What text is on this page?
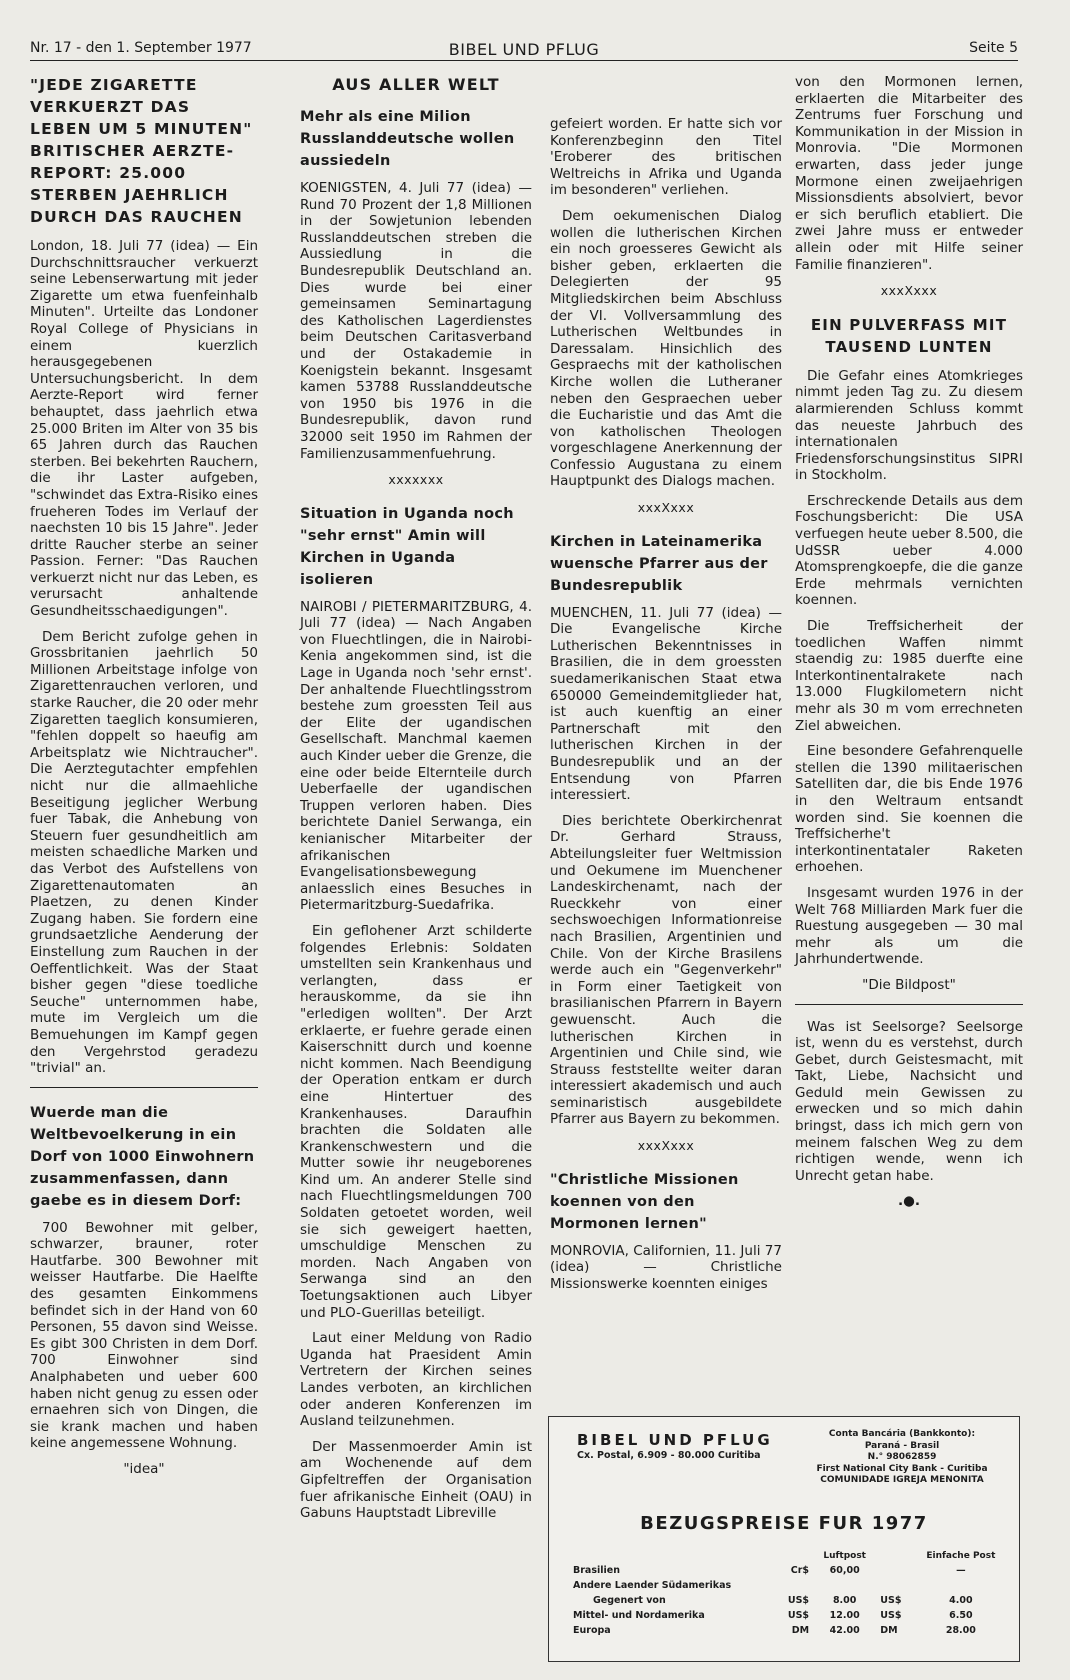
Nr. 17 - den 1. September 1977	BIBEL UND PFLUG	Seite 5
"JEDE ZIGARETTE VERKUERZT DAS LEBEN UM 5 MINUTEN" BRITISCHER AERZTE-REPORT: 25.000 STERBEN JAEHRLICH DURCH DAS RAUCHEN

London, 18. Juli 77 (idea) — Ein Durchschnittsraucher verkuerzt seine Lebenserwartung mit jeder Zigarette um etwa fuenfeinhalb Minuten". Urteilte das Londoner Royal College of Physicians in einem kuerzlich herausgegebenen Untersuchungsbericht. In dem Aerzte-Report wird ferner behauptet, dass jaehrlich etwa 25.000 Briten im Alter von 35 bis 65 Jahren durch das Rauchen sterben. Bei bekehrten Rauchern, die ihr Laster aufgeben, "schwindet das Extra-Risiko eines frueheren Todes im Verlauf der naechsten 10 bis 15 Jahre". Jeder dritte Raucher sterbe an seiner Passion. Ferner: "Das Rauchen verkuerzt nicht nur das Leben, es verursacht anhaltende Gesundheitsschaedigungen".

Dem Bericht zufolge gehen in Grossbritanien jaehrlich 50 Millionen Arbeitstage infolge von Zigarettenrauchen verloren, und starke Raucher, die 20 oder mehr Zigaretten taeglich konsumieren, "fehlen doppelt so haeufig am Arbeitsplatz wie Nichtraucher". Die Aerztegutachter empfehlen nicht nur die allmaehliche Beseitigung jeglicher Werbung fuer Tabak, die Anhebung von Steuern fuer gesundheitlich am meisten schaedliche Marken und das Verbot des Aufstellens von Zigarettenautomaten an Plaetzen, zu denen Kinder Zugang haben. Sie fordern eine grundsaetzliche Aenderung der Einstellung zum Rauchen in der Oeffentlichkeit. Was der Staat bisher gegen "diese toedliche Seuche" unternommen habe, mute im Vergleich um die Bemuehungen im Kampf gegen den Vergehrstod geradezu "trivial" an.

Wuerde man die Weltbevoelkerung in ein Dorf von 1000 Einwohnern zusammenfassen, dann gaebe es in diesem Dorf:

700 Bewohner mit gelber, schwarzer, brauner, roter Hautfarbe. 300 Bewohner mit weisser Hautfarbe. Die Haelfte des gesamten Einkommens befindet sich in der Hand von 60 Personen, 55 davon sind Weisse. Es gibt 300 Christen in dem Dorf. 700 Einwohner sind Analphabeten und ueber 600 haben nicht genug zu essen oder ernaehren sich von Dingen, die sie krank machen und haben keine angemessene Wohnung.

"idea"
AUS ALLER WELT
Mehr als eine Milion Russlanddeutsche wollen aussiedeln

KOENIGSTEN, 4. Juli 77 (idea) — Rund 70 Prozent der 1,8 Millionen in der Sowjetunion lebenden Russlanddeutschen streben die Aussiedlung in die Bundesrepublik Deutschland an. Dies wurde bei einer gemeinsamen Seminartagung des Katholischen Lagerdienstes beim Deutschen Caritasverband und der Ostakademie in Koenigstein bekannt. Insgesamt kamen 53788 Russlanddeutsche von 1950 bis 1976 in die Bundesrepublik, davon rund 32000 seit 1950 im Rahmen der Familienzusammenfuehrung.

xxxxxxx
Situation in Uganda noch "sehr ernst" Amin will Kirchen in Uganda isolieren

NAIROBI / PIETERMARITZBURG, 4. Juli 77 (idea) — Nach Angaben von Fluechtlingen, die in Nairobi-Kenia angekommen sind, ist die Lage in Uganda noch 'sehr ernst'. Der anhaltende Fluechtlingsstrom bestehe zum groessten Teil aus der Elite der ugandischen Gesellschaft. Manchmal kaemen auch Kinder ueber die Grenze, die eine oder beide Elternteile durch Ueberfaelle der ugandischen Truppen verloren haben. Dies berichtete Daniel Serwanga, ein kenianischer Mitarbeiter der afrikanischen Evangelisationsbewegung anlaesslich eines Besuches in Pietermaritzburg-Suedafrika.

Ein geflohener Arzt schilderte folgendes Erlebnis: Soldaten umstellten sein Krankenhaus und verlangten, dass er herauskomme, da sie ihn "erledigen wollten". Der Arzt erklaerte, er fuehre gerade einen Kaiserschnitt durch und koenne nicht kommen. Nach Beendigung der Operation entkam er durch eine Hintertuer des Krankenhauses. Daraufhin brachten die Soldaten alle Krankenschwestern und die Mutter sowie ihr neugeborenes Kind um. An anderer Stelle sind nach Fluechtlingsmeldungen 700 Soldaten getoetet worden, weil sie sich geweigert haetten, umschuldige Menschen zu morden. Nach Angaben von Serwanga sind an den Toetungsaktionen auch Libyer und PLO-Guerillas beteiligt.

Laut einer Meldung von Radio Uganda hat Praesident Amin Vertretern der Kirchen seines Landes verboten, an kirchlichen oder anderen Konferenzen im Ausland teilzunehmen.

Der Massenmoerder Amin ist am Wochenende auf dem Gipfeltreffen der Organisation fuer afrikanische Einheit (OAU) in Gabuns Hauptstadt Libreville

gefeiert worden. Er hatte sich vor Konferenzbeginn den Titel 'Eroberer des britischen Weltreichs in Afrika und Uganda im besonderen" verliehen.

Dem oekumenischen Dialog wollen die lutherischen Kirchen ein noch groesseres Gewicht als bisher geben, erklaerten die Delegierten der 95 Mitgliedskirchen beim Abschluss der VI. Vollversammlung des Lutherischen Weltbundes in Daressalam. Hinsichlich des Gespraechs mit der katholischen Kirche wollen die Lutheraner neben den Gespraechen ueber die Eucharistie und das Amt die von katholischen Theologen vorgeschlagene Anerkennung der Confessio Augustana zu einem Hauptpunkt des Dialogs machen.

xxxXxxx
Kirchen in Lateinamerika wuensche Pfarrer aus der Bundesrepublik

MUENCHEN, 11. Juli 77 (idea) — Die Evangelische Kirche Lutherischen Bekenntnisses in Brasilien, die in dem groessten suedamerikanischen Staat etwa 650000 Gemeindemitglieder hat, ist auch kuenftig an einer Partnerschaft mit den lutherischen Kirchen in der Bundesrepublik und an der Entsendung von Pfarren interessiert.

Dies berichtete Oberkirchenrat Dr. Gerhard Strauss, Abteilungsleiter fuer Weltmission und Oekumene im Muenchener Landeskirchenamt, nach der Rueckkehr von einer sechswoechigen Informationreise nach Brasilien, Argentinien und Chile. Von der Kirche Brasilens werde auch ein "Gegenverkehr" in Form einer Taetigkeit von brasilianischen Pfarrern in Bayern gewuenscht. Auch die lutherischen Kirchen in Argentinien und Chile sind, wie Strauss feststellte weiter daran interessiert akademisch und auch seminaristisch ausgebildete Pfarrer aus Bayern zu bekommen.

xxxXxxx
"Christliche Missionen koennen von den Mormonen lernen"

MONROVIA, Californien, 11. Juli 77 (idea) — Christliche Missionswerke koennten einiges

von den Mormonen lernen, erklaerten die Mitarbeiter des Zentrums fuer Forschung und Kommunikation in der Mission in Monrovia. "Die Mormonen erwarten, dass jeder junge Mormone einen zweijaehrigen Missionsdients absolviert, bevor er sich beruflich etabliert. Die zwei Jahre muss er entweder allein oder mit Hilfe seiner Familie finanzieren".

xxxXxxx
EIN PULVERFASS MIT TAUSEND LUNTEN

Die Gefahr eines Atomkrieges nimmt jeden Tag zu. Zu diesem alarmierenden Schluss kommt das neueste Jahrbuch des internationalen Friedensforschungsinstitus SIPRI in Stockholm.

Erschreckende Details aus dem Foschungsbericht: Die USA verfuegen heute ueber 8.500, die UdSSR ueber 4.000 Atomsprengkoepfe, die die ganze Erde mehrmals vernichten koennen.

Die Treffsicherheit der toedlichen Waffen nimmt staendig zu: 1985 duerfte eine Interkontinentalrakete nach 13.000 Flugkilometern nicht mehr als 30 m vom errechneten Ziel abweichen.

Eine besondere Gefahrenquelle stellen die 1390 militaerischen Satelliten dar, die bis Ende 1976 in den Weltraum entsandt worden sind. Sie koennen die Treffsicherhe't interkontinentataler Raketen erhoehen.

Insgesamt wurden 1976 in der Welt 768 Milliarden Mark fuer die Ruestung ausgegeben — 30 mal mehr als um die Jahrhundertwende.

"Die Bildpost"

Was ist Seelsorge? Seelsorge ist, wenn du es verstehst, durch Gebet, durch Geistesmacht, mit Takt, Liebe, Nachsicht und Geduld mein Gewissen zu erwecken und so mich dahin bringst, dass ich mich gern von meinem falschen Weg zu dem richtigen wende, wenn ich Unrecht getan habe.

.●.
BIBEL UND PFLUG
Cx. Postal, 6.909 - 80.000 Curitiba
Conta Bancária (Bankkonto):
Paraná - Brasil
N.° 98062859
First National City Bank - Curitiba
COMUNIDADE IGREJA MENONITA
BEZUGSPREISE FUR 1977
		Luftpost		Einfache Post
Brasilien	Cr$	60,00		—
Andere Laender Südamerikas				
Gegenert von	US$	8.00	US$	4.00
Mittel- und Nordamerika	US$	12.00	US$	6.50
Europa	DM	42.00	DM	28.00
